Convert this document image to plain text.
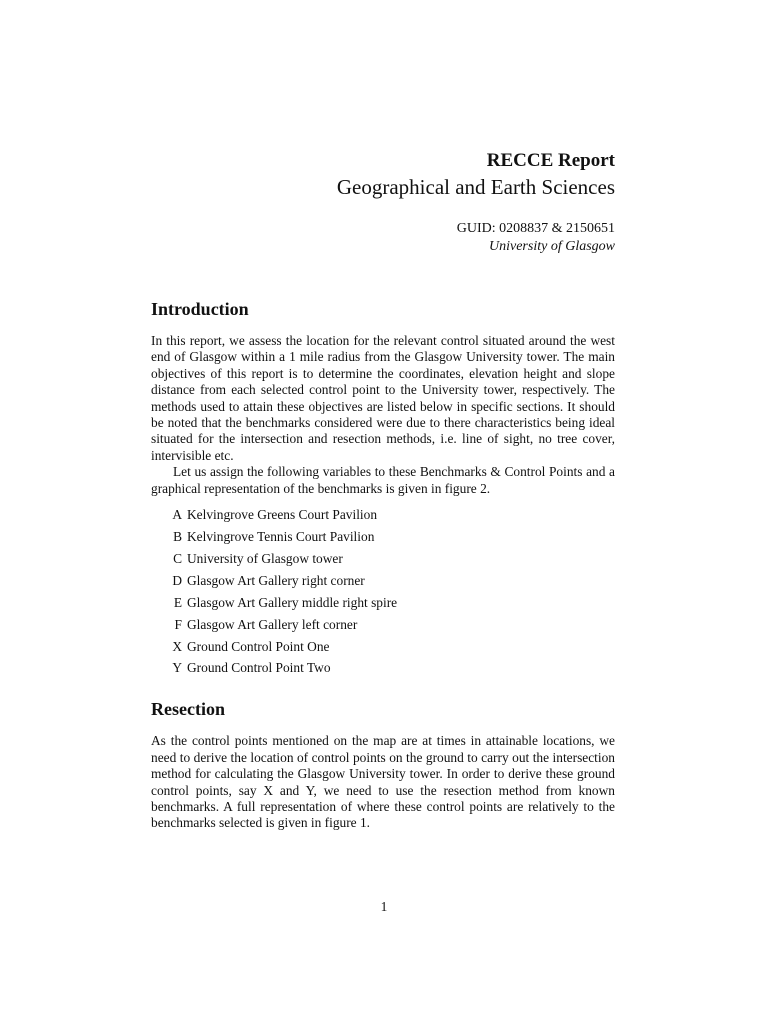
RECCE Report

Geographical and Earth Sciences

GUID: 0208837 & 2150651

University of Glasgow

Introduction

In this report, we assess the location for the relevant control situated around the west end of Glasgow within a 1 mile radius from the Glasgow University tower. The main objectives of this report is to determine the coordinates, elevation height and slope distance from each selected control point to the University tower, respectively. The methods used to attain these objectives are listed below in specific sections. It should be noted that the benchmarks considered were due to there characteristics being ideal situated for the intersection and resection methods, i.e. line of sight, no tree cover, intervisible etc.

Let us assign the following variables to these Benchmarks & Control Points and a graphical representation of the benchmarks is given in figure 2.

A Kelvingrove Greens Court Pavilion
B Kelvingrove Tennis Court Pavilion
C University of Glasgow tower
D Glasgow Art Gallery right corner
E Glasgow Art Gallery middle right spire
F Glasgow Art Gallery left corner
X Ground Control Point One
Y Ground Control Point Two
Resection

As the control points mentioned on the map are at times in attainable locations, we need to derive the location of control points on the ground to carry out the intersection method for calculating the Glasgow University tower. In order to derive these ground control points, say X and Y, we need to use the resection method from known benchmarks. A full representation of where these control points are relatively to the benchmarks selected is given in figure 1.

1
